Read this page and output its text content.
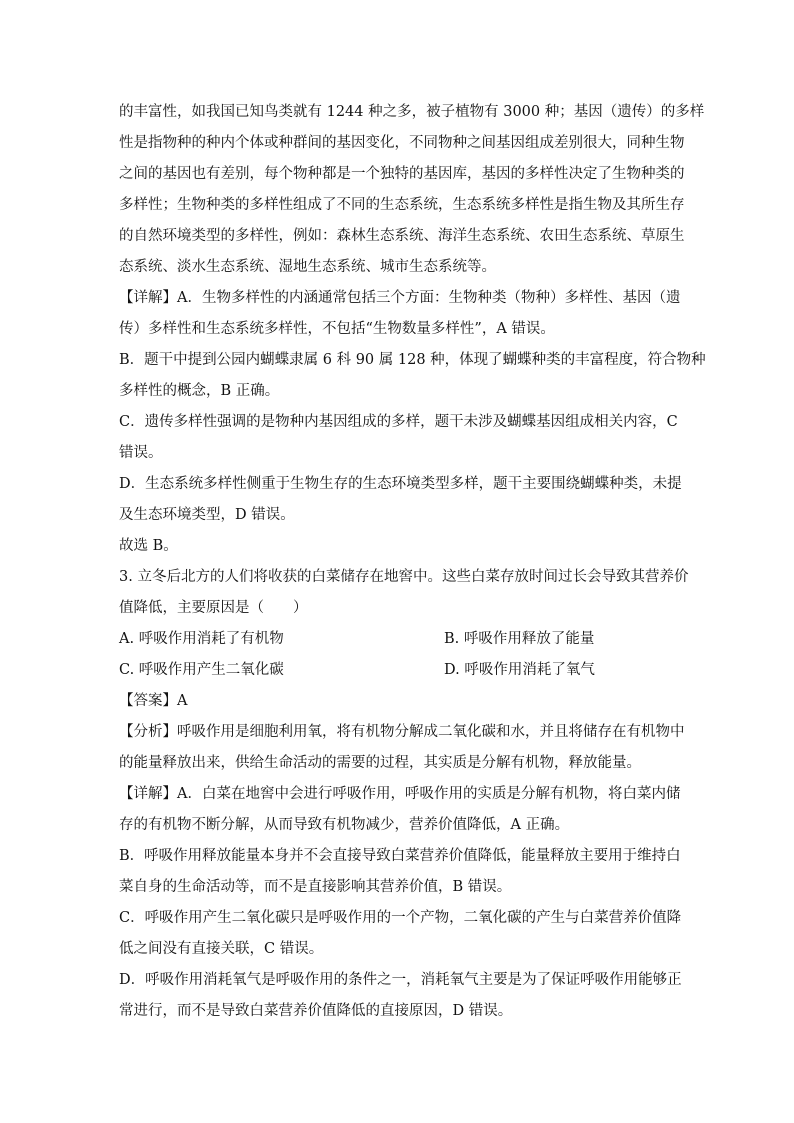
的丰富性，如我国已知鸟类就有 1244 种之多，被子植物有 3000 种；基因（遗传）的多样
性是指物种的种内个体或种群间的基因变化，不同物种之间基因组成差别很大，同种生物
之间的基因也有差别，每个物种都是一个独特的基因库，基因的多样性决定了生物种类的
多样性；生物种类的多样性组成了不同的生态系统，生态系统多样性是指生物及其所生存
的自然环境类型的多样性，例如：森林生态系统、海洋生态系统、农田生态系统、草原生
态系统、淡水生态系统、湿地生态系统、城市生态系统等。
【详解】A．生物多样性的内涵通常包括三个方面：生物种类（物种）多样性、基因（遗
传）多样性和生态系统多样性，不包括“生物数量多样性”，A 错误。
B．题干中提到公园内蝴蝶隶属 6 科 90 属 128 种，体现了蝴蝶种类的丰富程度，符合物种
多样性的概念，B 正确。
C．遗传多样性强调的是物种内基因组成的多样，题干未涉及蝴蝶基因组成相关内容，C
错误。
D．生态系统多样性侧重于生物生存的生态环境类型多样，题干主要围绕蝴蝶种类，未提
及生态环境类型，D 错误。
故选 B。
3. 立冬后北方的人们将收获的白菜储存在地窖中。这些白菜存放时间过长会导致其营养价
值降低，主要原因是（　　）
A. 呼吸作用消耗了有机物	B. 呼吸作用释放了能量
C. 呼吸作用产生二氧化碳	D. 呼吸作用消耗了氧气
【答案】A
【分析】呼吸作用是细胞利用氧，将有机物分解成二氧化碳和水，并且将储存在有机物中
的能量释放出来，供给生命活动的需要的过程，其实质是分解有机物，释放能量。
【详解】A．白菜在地窖中会进行呼吸作用，呼吸作用的实质是分解有机物，将白菜内储
存的有机物不断分解，从而导致有机物减少，营养价值降低，A 正确。
B．呼吸作用释放能量本身并不会直接导致白菜营养价值降低，能量释放主要用于维持白
菜自身的生命活动等，而不是直接影响其营养价值，B 错误。
C．呼吸作用产生二氧化碳只是呼吸作用的一个产物，二氧化碳的产生与白菜营养价值降
低之间没有直接关联，C 错误。
D．呼吸作用消耗氧气是呼吸作用的条件之一，消耗氧气主要是为了保证呼吸作用能够正
常进行，而不是导致白菜营养价值降低的直接原因，D 错误。
